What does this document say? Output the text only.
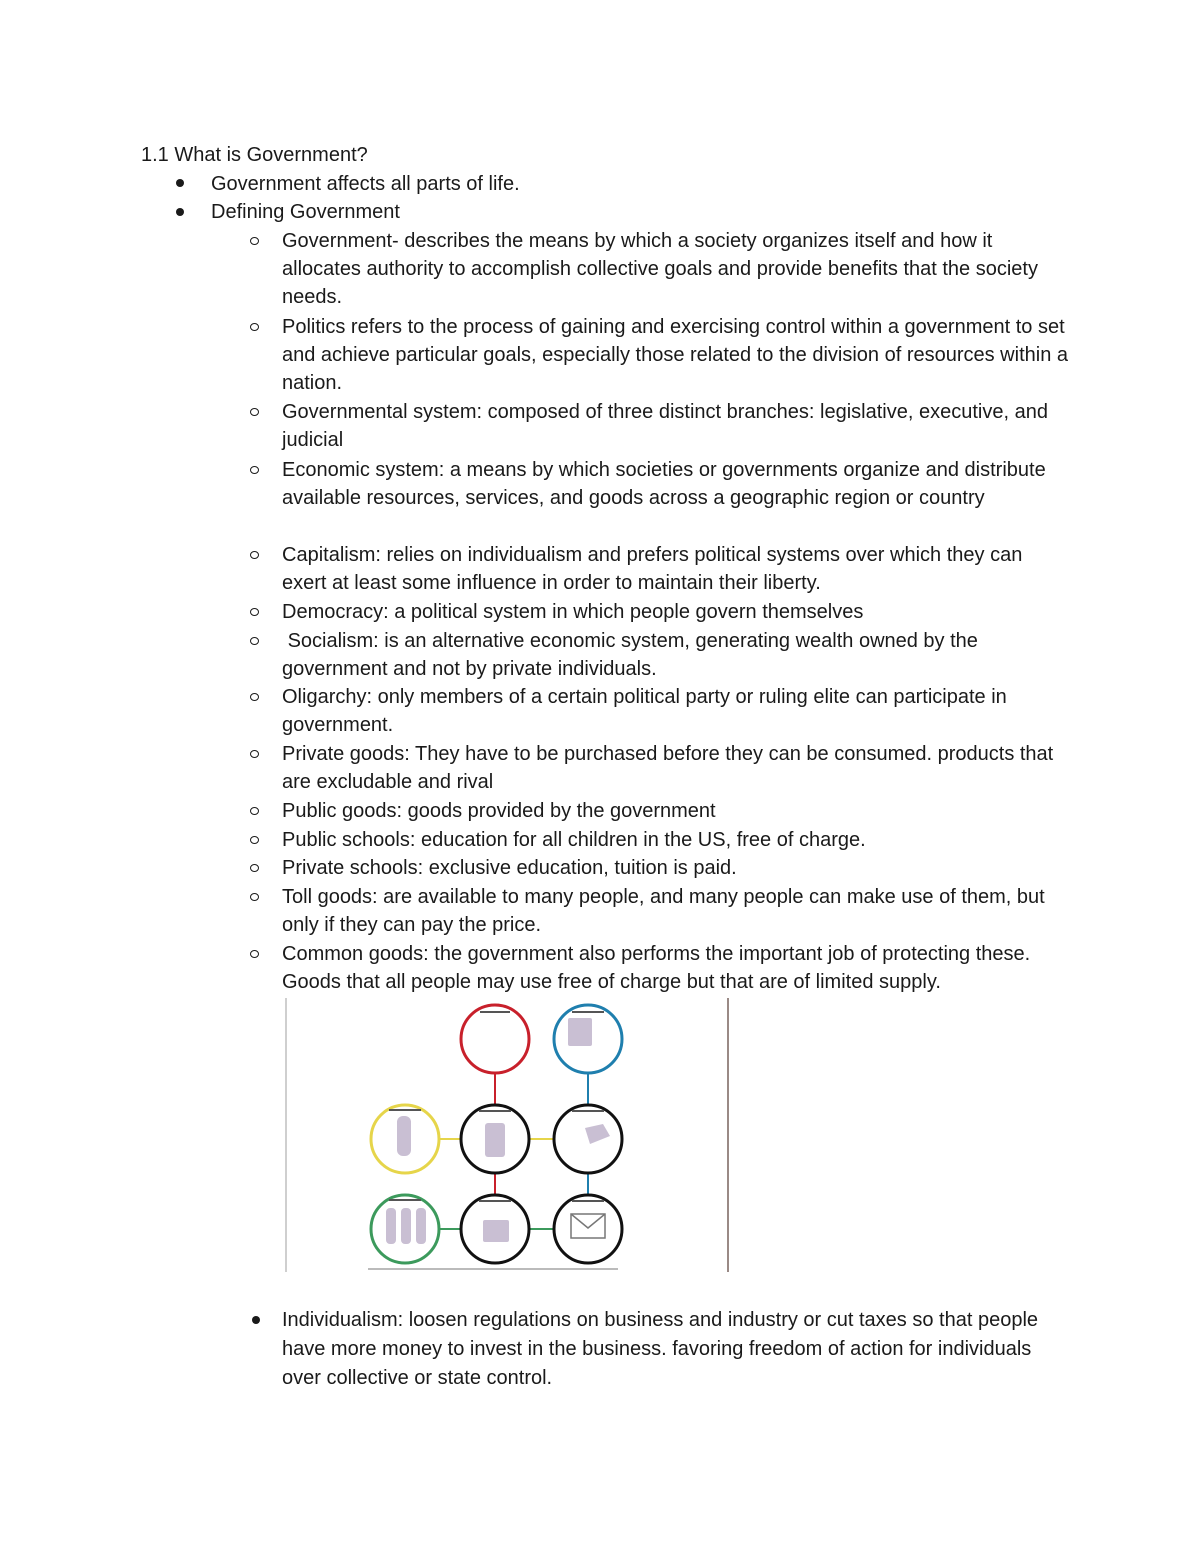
1.1 What is Government?
Government affects all parts of life.
Defining Government
Government- describes the means by which a society organizes itself and how it allocates authority to accomplish collective goals and provide benefits that the society needs.
Politics refers to the process of gaining and exercising control within a government to set and achieve particular goals, especially those related to the division of resources within a nation.
Governmental system: composed of three distinct branches: legislative, executive, and judicial
Economic system: a means by which societies or governments organize and distribute available resources, services, and goods across a geographic region or country
Capitalism: relies on individualism and prefers political systems over which they can exert at least some influence in order to maintain their liberty.
Democracy: a political system in which people govern themselves
Socialism: is an alternative economic system, generating wealth owned by the government and not by private individuals.
Oligarchy: only members of a certain political party or ruling elite can participate in government.
Private goods: They have to be purchased before they can be consumed. products that are excludable and rival
Public goods: goods provided by the government
Public schools: education for all children in the US, free of charge.
Private schools: exclusive education, tuition is paid.
Toll goods: are available to many people, and many people can make use of them, but only if they can pay the price.
Common goods: the government also performs the important job of protecting these. Goods that all people may use free of charge but that are of limited supply.
Individualism: loosen regulations on business and industry or cut taxes so that people have more money to invest in the business. favoring freedom of action for individuals over collective or state control.
